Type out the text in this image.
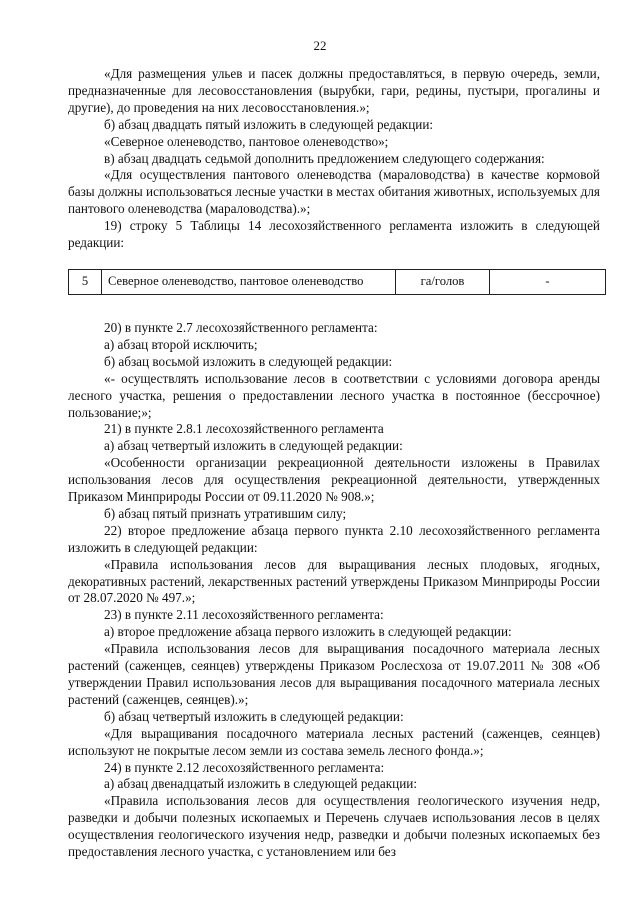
22

«Для размещения ульев и пасек должны предоставляться, в первую очередь, земли, предназначенные для лесовосстановления (вырубки, гари, редины, пустыри, прогалины и другие), до проведения на них лесовосстановления.»;

б) абзац двадцать пятый изложить в следующей редакции:

«Северное оленеводство, пантовое оленеводство»;

в) абзац двадцать седьмой дополнить предложением следующего содержания:

«Для осуществления пантового оленеводства (мараловодства) в качестве кормовой базы должны использоваться лесные участки в местах обитания животных, используемых для пантового оленеводства (мараловодства).»;

19) строку 5 Таблицы 14 лесохозяйственного регламента изложить в следующей редакции:

5	Северное оленеводство, пантовое оленеводство	га/голов	-

20) в пункте 2.7 лесохозяйственного регламента:

а) абзац второй исключить;

б) абзац восьмой изложить в следующей редакции:

«- осуществлять использование лесов в соответствии с условиями договора аренды лесного участка, решения о предоставлении лесного участка в постоянное (бессрочное) пользование;»;

21) в пункте 2.8.1 лесохозяйственного регламента

а) абзац четвертый изложить в следующей редакции:

«Особенности организации рекреационной деятельности изложены в Правилах использования лесов для осуществления рекреационной деятельности, утвержденных Приказом Минприроды России от 09.11.2020 № 908.»;

б) абзац пятый признать утратившим силу;

22) второе предложение абзаца первого пункта 2.10 лесохозяйственного регламента изложить в следующей редакции:

«Правила использования лесов для выращивания лесных плодовых, ягодных, декоративных растений, лекарственных растений утверждены Приказом Минприроды России от 28.07.2020 № 497.»;

23) в пункте 2.11 лесохозяйственного регламента:

а) второе предложение абзаца первого изложить в следующей редакции:

«Правила использования лесов для выращивания посадочного материала лесных растений (саженцев, сеянцев) утверждены Приказом Рослесхоза от 19.07.2011 № 308 «Об утверждении Правил использования лесов для выращивания посадочного материала лесных растений (саженцев, сеянцев).»;

б) абзац четвертый изложить в следующей редакции:

«Для выращивания посадочного материала лесных растений (саженцев, сеянцев) используют не покрытые лесом земли из состава земель лесного фонда.»;

24) в пункте 2.12 лесохозяйственного регламента:

а) абзац двенадцатый изложить в следующей редакции:

«Правила использования лесов для осуществления геологического изучения недр, разведки и добычи полезных ископаемых и Перечень случаев использования лесов в целях осуществления геологического изучения недр, разведки и добычи полезных ископаемых без предоставления лесного участка, с установлением или без
